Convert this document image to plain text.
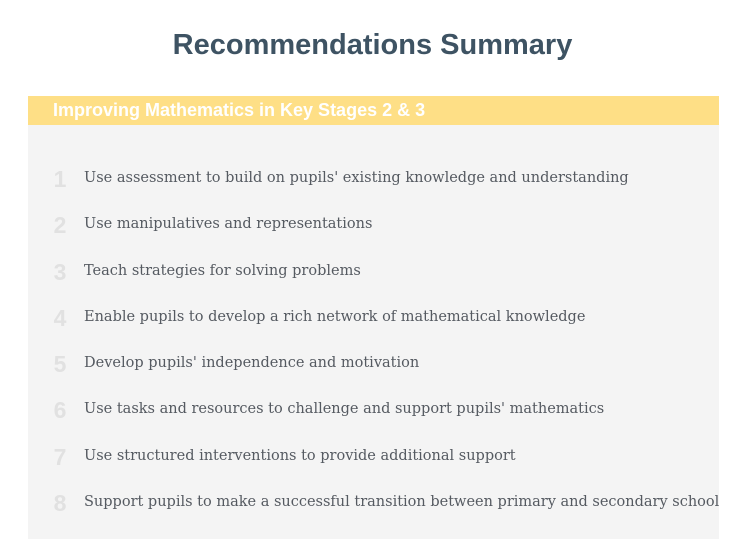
Recommendations Summary
Improving Mathematics in Key Stages 2 & 3
1 Use assessment to build on pupils' existing knowledge and understanding
2 Use manipulatives and representations
3 Teach strategies for solving problems
4 Enable pupils to develop a rich network of mathematical knowledge
5 Develop pupils' independence and motivation
6 Use tasks and resources to challenge and support pupils' mathematics
7 Use structured interventions to provide additional support
8 Support pupils to make a successful transition between primary and secondary school
